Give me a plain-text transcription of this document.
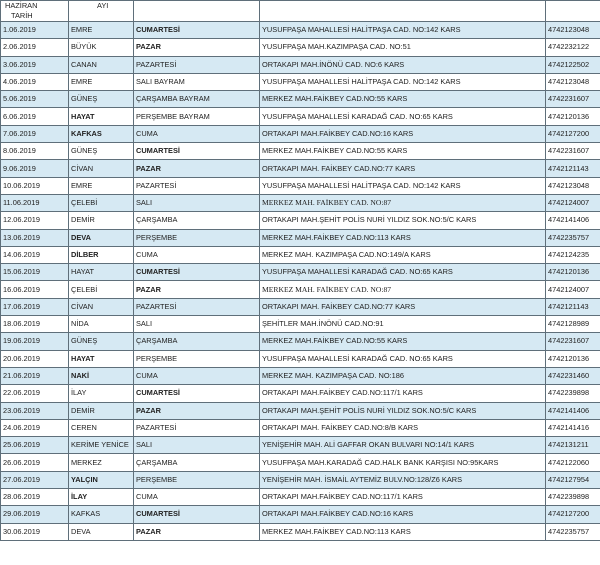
HAZİRAN
TARİH	AYI				

1.06.2019	EMRE	CUMARTESİ	YUSUFPAŞA MAHALLESİ HALİTPAŞA CAD. NO:142 KARS	4742123048	
2.06.2019	BÜYÜK	PAZAR	YUSUFPAŞA MAH.KAZIMPAŞA CAD. NO:51	4742232122	
3.06.2019	CANAN	PAZARTESİ	ORTAKAPI MAH.İNÖNÜ CAD. NO:6 KARS	4742122502	
4.06.2019	EMRE	SALI BAYRAM	YUSUFPAŞA MAHALLESİ HALİTPAŞA CAD. NO:142 KARS	4742123048	
5.06.2019	GÜNEŞ	ÇARŞAMBA BAYRAM	MERKEZ MAH.FAİKBEY CAD.NO:55 KARS	4742231607	
6.06.2019	HAYAT	PERŞEMBE BAYRAM	YUSUFPAŞA MAHALLESİ KARADAĞ CAD. NO:65 KARS	4742120136	
7.06.2019	KAFKAS	CUMA	ORTAKAPI MAH.FAİKBEY CAD.NO:16 KARS	4742127200	
8.06.2019	GÜNEŞ	CUMARTESİ	MERKEZ MAH.FAİKBEY CAD.NO:55 KARS	4742231607	
9.06.2019	CİVAN	PAZAR	ORTAKAPI MAH. FAİKBEY CAD.NO:77 KARS	4742121143	
10.06.2019	EMRE	PAZARTESİ	YUSUFPAŞA MAHALLESİ HALİTPAŞA CAD. NO:142 KARS	4742123048	
11.06.2019	ÇELEBİ	SALI	MERKEZ MAH. FAİKBEY CAD. NO:87	4742124007	
12.06.2019	DEMİR	ÇARŞAMBA	ORTAKAPI MAH.ŞEHİT POLİS NURİ YILDIZ SOK.NO:5/C KARS	4742141406	
13.06.2019	DEVA	PERŞEMBE	MERKEZ MAH.FAİKBEY CAD.NO:113 KARS	4742235757	
14.06.2019	DİLBER	CUMA	MERKEZ MAH. KAZIMPAŞA CAD.NO:149/A KARS	4742124235	
15.06.2019	HAYAT	CUMARTESİ	YUSUFPAŞA MAHALLESİ KARADAĞ CAD. NO:65 KARS	4742120136	
16.06.2019	ÇELEBİ	PAZAR	MERKEZ MAH. FAİKBEY CAD. NO:87	4742124007	
17.06.2019	CİVAN	PAZARTESİ	ORTAKAPI MAH. FAİKBEY CAD.NO:77 KARS	4742121143	
18.06.2019	NİDA	SALI	ŞEHİTLER MAH.İNÖNÜ CAD.NO:91	4742128989	
19.06.2019	GÜNEŞ	ÇARŞAMBA	MERKEZ MAH.FAİKBEY CAD.NO:55 KARS	4742231607	
20.06.2019	HAYAT	PERŞEMBE	YUSUFPAŞA MAHALLESİ KARADAĞ CAD. NO:65 KARS	4742120136	
21.06.2019	NAKİ	CUMA	MERKEZ MAH. KAZIMPAŞA CAD. NO:186	4742231460	
22.06.2019	İLAY	CUMARTESİ	ORTAKAPI MAH.FAİKBEY CAD.NO:117/1 KARS	4742239898	
23.06.2019	DEMİR	PAZAR	ORTAKAPI MAH.ŞEHİT POLİS NURİ YILDIZ SOK.NO:5/C KARS	4742141406	
24.06.2019	CEREN	PAZARTESİ	ORTAKAPI MAH. FAİKBEY CAD.NO:8/B KARS	4742141416	
25.06.2019	KERİME YENİCE	SALI	YENİŞEHİR MAH. ALİ GAFFAR OKAN BULVARI NO:14/1 KARS	4742131211	
26.06.2019	MERKEZ	ÇARŞAMBA	YUSUFPAŞA MAH.KARADAĞ CAD.HALK BANK KARŞISI NO:95KARS	4742122060	
27.06.2019	YALÇIN	PERŞEMBE	YENİŞEHİR MAH. İSMAİL AYTEMİZ BULV.NO:128/Z6 KARS	4742127954	
28.06.2019	İLAY	CUMA	ORTAKAPI MAH.FAİKBEY CAD.NO:117/1 KARS	4742239898	
29.06.2019	KAFKAS	CUMARTESİ	ORTAKAPI MAH.FAİKBEY CAD.NO:16 KARS	4742127200	
30.06.2019	DEVA	PAZAR	MERKEZ MAH.FAİKBEY CAD.NO:113 KARS	4742235757	
